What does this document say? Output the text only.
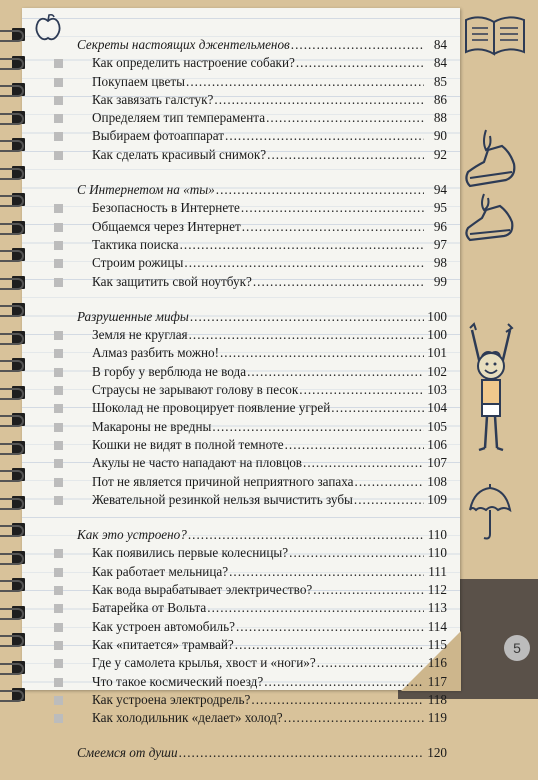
5
Секреты настоящих джентельменов .....	84
Как определить настроение собаки? .....	84
Покупаем цветы .....	85
Как завязать галстук? .....	86
Определяем тип темперамента .....	88
Выбираем фотоаппарат .....	90
Как сделать красивый снимок? .....	92
С Интернетом на «ты» .....	94
Безопасность в Интернете .....	95
Общаемся через Интернет .....	96
Тактика поиска .....	97
Строим рожицы .....	98
Как защитить свой ноутбук? .....	99
Разрушенные мифы .....	100
Земля не круглая .....	100
Алмаз разбить можно! .....	101
В горбу у верблюда не вода .....	102
Страусы не зарывают голову в песок .....	103
Шоколад не провоцирует появление угрей .....	104
Макароны не вредны .....	105
Кошки не видят в полной темноте .....	106
Акулы не часто нападают на пловцов .....	107
Пот не является причиной неприятного запаха .....	108
Жевательной резинкой нельзя вычистить зубы .....	109
Как это устроено? .....	110
Как появились первые колесницы? .....	110
Как работает мельница? .....	111
Как вода вырабатывает электричество? .....	112
Батарейка от Вольта .....	113
Как устроен автомобиль? .....	114
Как «питается» трамвай? .....	115
Где у самолета крылья, хвост и «ноги»? .....	116
Что такое космический поезд? .....	117
Как устроена электродрель? .....	118
Как холодильник «делает» холод? .....	119
Смеемся от души .....	120
